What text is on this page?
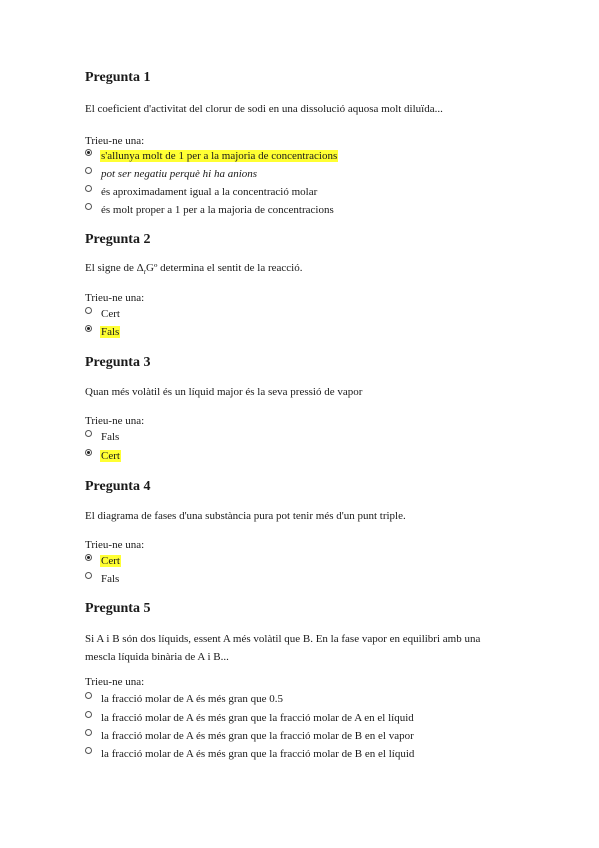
Pregunta 1

El coeficient d'activitat del clorur de sodi en una dissolució aquosa molt diluïda...

Trieu-ne una:

s'allunya molt de 1 per a la majoria de concentracions
pot ser negatiu perquè hi ha anions
és aproximadament igual a la concentració molar
és molt proper a 1 per a la majoria de concentracions
Pregunta 2

El signe de $\Delta_rGº$ determina el sentit de la reacció.

Trieu-ne una:

Cert
Fals
Pregunta 3

Quan més volàtil és un líquid major és la seva pressió de vapor

Trieu-ne una:

Fals
Cert
Pregunta 4

El diagrama de fases d'una substància pura pot tenir més d'un punt triple.

Trieu-ne una:

Cert
Fals
Pregunta 5

Si A i B són dos líquids, essent A més volàtil que B. En la fase vapor en equilibri amb una mescla líquida binària de A i B...

Trieu-ne una:

la fracció molar de A és més gran que 0.5
la fracció molar de A és més gran que la fracció molar de A en el líquid
la fracció molar de A és més gran que la fracció molar de B en el vapor
la fracció molar de A és més gran que la fracció molar de B en el líquid
